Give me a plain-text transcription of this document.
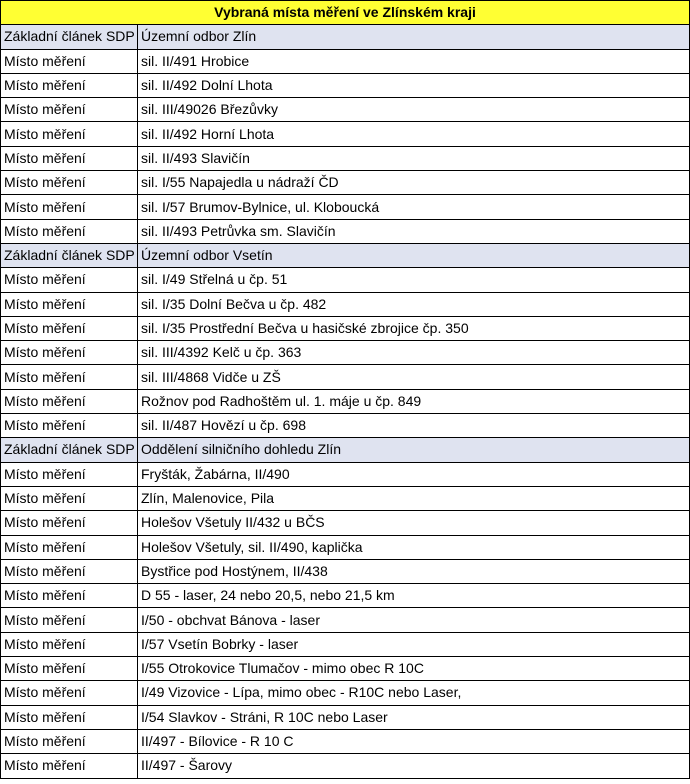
Vybraná místa měření ve Zlínském kraji	
Základní článek SDP	Územní odbor Zlín
Místo měření	sil. II/491 Hrobice
Místo měření	sil. II/492 Dolní Lhota
Místo měření	sil. III/49026 Březůvky
Místo měření	sil. II/492 Horní Lhota
Místo měření	sil. II/493 Slavičín
Místo měření	sil. I/55 Napajedla u nádraží ČD
Místo měření	sil. I/57 Brumov-Bylnice, ul. Kloboucká
Místo měření	sil. II/493 Petrůvka sm. Slavičín
Základní článek SDP	Územní odbor Vsetín
Místo měření	sil. I/49 Střelná u čp. 51
Místo měření	sil. I/35 Dolní Bečva u čp. 482
Místo měření	sil. I/35 Prostřední Bečva u hasičské zbrojice čp. 350
Místo měření	sil. III/4392 Kelč u čp. 363
Místo měření	sil. III/4868 Vidče u ZŠ
Místo měření	Rožnov pod Radhoštěm ul. 1. máje u čp. 849
Místo měření	sil. II/487 Hovězí u čp. 698
Základní článek SDP	Oddělení silničního dohledu Zlín
Místo měření	Fryšták, Žabárna, II/490
Místo měření	Zlín, Malenovice, Pila
Místo měření	Holešov Všetuly II/432 u BČS
Místo měření	Holešov Všetuly, sil. II/490, kaplička
Místo měření	Bystřice pod Hostýnem, II/438
Místo měření	D 55 - laser, 24 nebo 20,5, nebo 21,5 km
Místo měření	I/50 - obchvat Bánova - laser
Místo měření	I/57 Vsetín Bobrky - laser
Místo měření	I/55 Otrokovice Tlumačov - mimo obec R 10C
Místo měření	I/49 Vizovice - Lípa, mimo obec - R10C nebo Laser,
Místo měření	I/54 Slavkov - Stráni, R 10C nebo Laser
Místo měření	II/497 - Bílovice - R 10 C
Místo měření	II/497 - Šarovy
